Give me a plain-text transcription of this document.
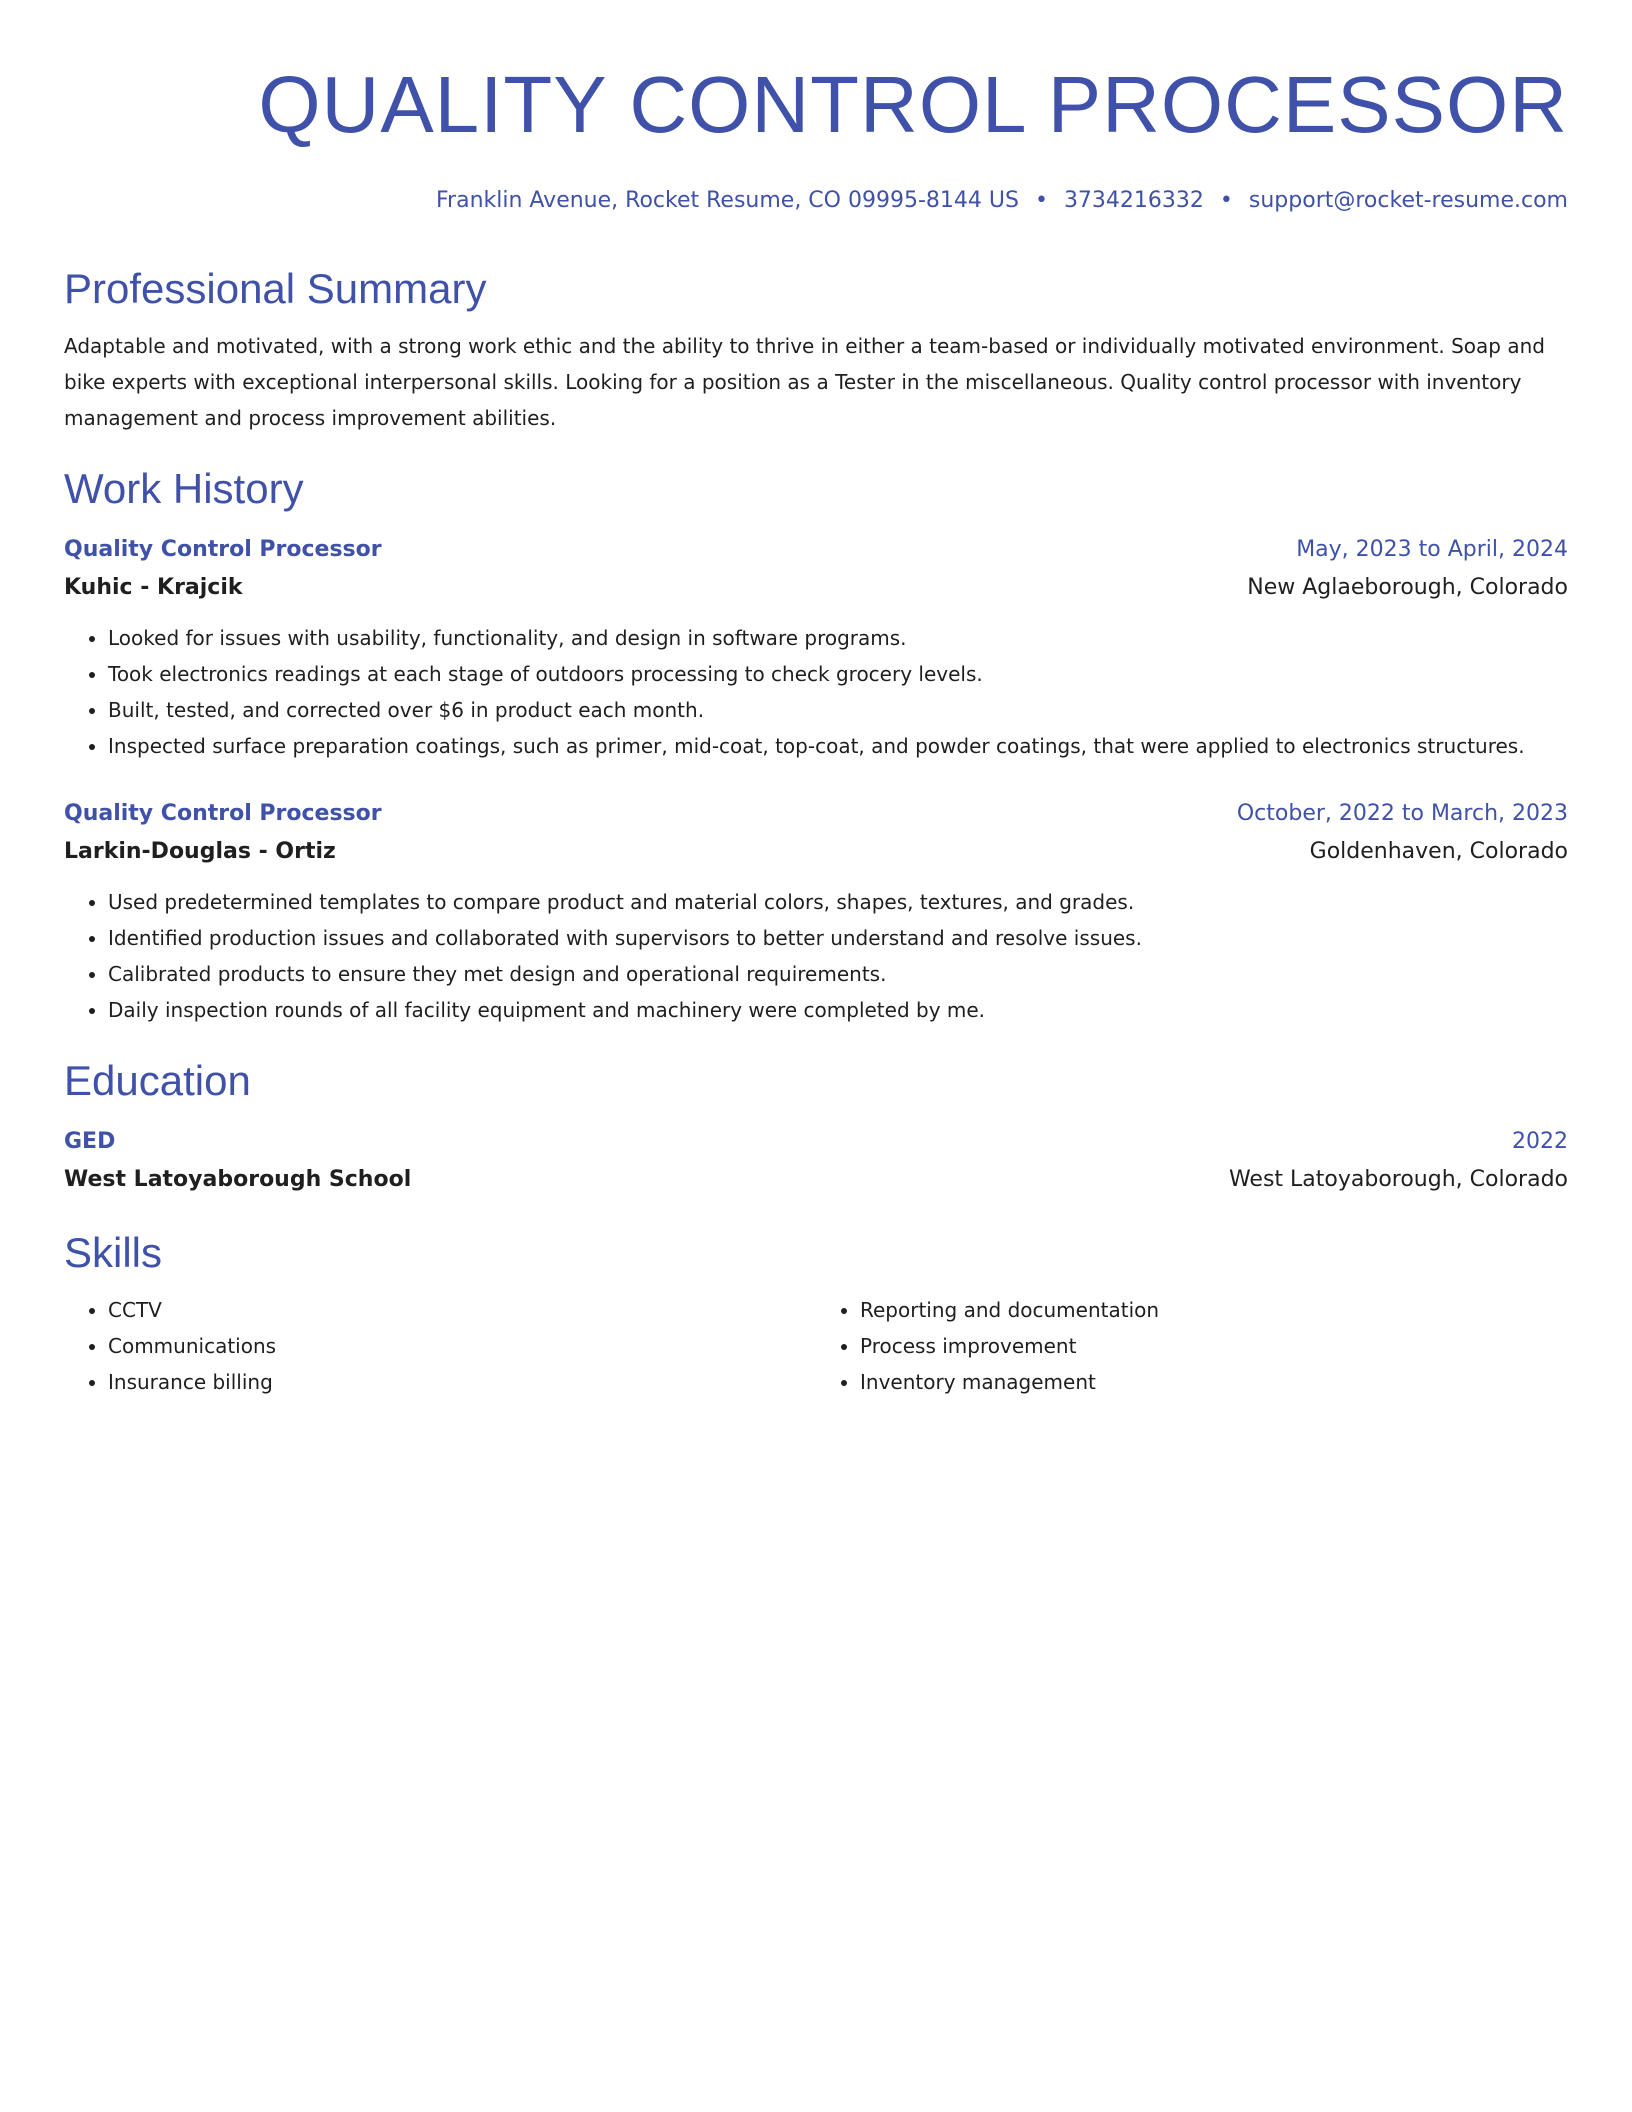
QUALITY CONTROL PROCESSOR
Franklin Avenue, Rocket Resume, CO 09995-8144 US • 3734216332 • support@rocket-resume.com
Professional Summary
Adaptable and motivated, with a strong work ethic and the ability to thrive in either a team-based or individually motivated environment. Soap and bike experts with exceptional interpersonal skills. Looking for a position as a Tester in the miscellaneous. Quality control processor with inventory management and process improvement abilities.
Work History
Quality Control Processor	May, 2023 to April, 2024
Kuhic - Krajcik	New Aglaeborough, Colorado
• Looked for issues with usability, functionality, and design in software programs.
• Took electronics readings at each stage of outdoors processing to check grocery levels.
• Built, tested, and corrected over $6 in product each month.
• Inspected surface preparation coatings, such as primer, mid-coat, top-coat, and powder coatings, that were applied to electronics structures.
Quality Control Processor	October, 2022 to March, 2023
Larkin-Douglas - Ortiz	Goldenhaven, Colorado
• Used predetermined templates to compare product and material colors, shapes, textures, and grades.
• Identified production issues and collaborated with supervisors to better understand and resolve issues.
• Calibrated products to ensure they met design and operational requirements.
• Daily inspection rounds of all facility equipment and machinery were completed by me.
Education
GED	2022
West Latoyaborough School	West Latoyaborough, Colorado
Skills
• CCTV
• Communications
• Insurance billing
• Reporting and documentation
• Process improvement
• Inventory management
